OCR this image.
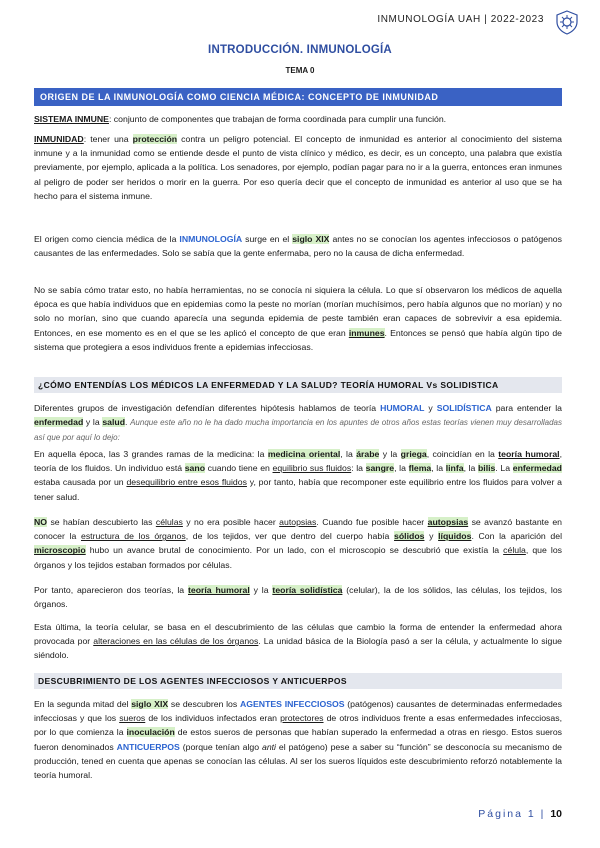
INMUNOLOGÍA UAH | 2022-2023
INTRODUCCIÓN. INMUNOLOGÍA
TEMA 0
ORIGEN DE LA INMUNOLOGÍA COMO CIENCIA MÉDICA: CONCEPTO DE INMUNIDAD
SISTEMA INMUNE: conjunto de componentes que trabajan de forma coordinada para cumplir una función.
INMUNIDAD: tener una protección contra un peligro potencial. El concepto de inmunidad es anterior al conocimiento del sistema inmune y a la inmunidad como se entiende desde el punto de vista clínico y médico, es decir, es un concepto, una palabra que existía previamente, por ejemplo, aplicada a la política. Los senadores, por ejemplo, podían pagar para no ir a la guerra, entonces eran inmunes al peligro de poder ser heridos o morir en la guerra. Por eso quería decir que el concepto de inmunidad es anterior al uso que se ha hecho para el sistema inmune.
El origen como ciencia médica de la INMUNOLOGÍA surge en el siglo XIX antes no se conocían los agentes infecciosos o patógenos causantes de las enfermedades. Solo se sabía que la gente enfermaba, pero no la causa de dicha enfermedad.
No se sabía cómo tratar esto, no había herramientas, no se conocía ni siquiera la célula. Lo que sí observaron los médicos de aquella época es que había individuos que en epidemias como la peste no morían (morían muchísimos, pero había algunos que no morían) y no solo no morían, sino que cuando aparecía una segunda epidemia de peste también eran capaces de sobrevivir a esa epidemia. Entonces, en ese momento es en el que se les aplicó el concepto de que eran inmunes. Entonces se pensó que había algún tipo de sistema que protegiera a esos individuos frente a epidemias infecciosas.
¿CÓMO ENTENDÍAS LOS MÉDICOS LA ENFERMEDAD Y LA SALUD? TEORÍA HUMORAL Vs SOLIDISTICA
Diferentes grupos de investigación defendían diferentes hipótesis hablamos de teoría HUMORAL y SOLIDÍSTICA para entender la enfermedad y la salud. Aunque este año no le ha dado mucha importancia en los apuntes de otros años estas teorías vienen muy desarrolladas así que por aquí lo dejo:
En aquella época, las 3 grandes ramas de la medicina: la medicina oriental, la árabe y la griega, coincidían en la teoría humoral, teoría de los fluidos. Un individuo está sano cuando tiene en equilibrio sus fluidos: la sangre, la flema, la linfa, la bilis. La enfermedad estaba causada por un desequilibrio entre esos fluidos y, por tanto, había que recomponer este equilibrio entre los fluidos para volver a tener salud.
NO se habían descubierto las células y no era posible hacer autopsias. Cuando fue posible hacer autopsias se avanzó bastante en conocer la estructura de los órganos, de los tejidos, ver que dentro del cuerpo había sólidos y líquidos. Con la aparición del microscopio hubo un avance brutal de conocimiento. Por un lado, con el microscopio se descubrió que existía la célula, que los órganos y los tejidos estaban formados por células.
Por tanto, aparecieron dos teorías, la teoría humoral y la teoría solidística (celular), la de los sólidos, las células, los tejidos, los órganos.
Esta última, la teoría celular, se basa en el descubrimiento de las células que cambio la forma de entender la enfermedad ahora provocada por alteraciones en las células de los órganos. La unidad básica de la Biología pasó a ser la célula, y actualmente lo sigue siéndolo.
DESCUBRIMIENTO DE LOS AGENTES INFECCIOSOS Y ANTICUERPOS
En la segunda mitad del siglo XIX se descubren los AGENTES INFECCIOSOS (patógenos) causantes de determinadas enfermedades infecciosas y que los sueros de los individuos infectados eran protectores de otros individuos frente a esas enfermedades infecciosas, por lo que comienza la inoculación de estos sueros de personas que habían superado la enfermedad a otras en riesgo. Estos sueros fueron denominados ANTICUERPOS (porque tenían algo anti el patógeno) pese a saber su “función” se desconocía su mecanismo de producción, tened en cuenta que apenas se conocían las células. Al ser los sueros líquidos este descubrimiento reforzó notablemente la teoría humoral.
Página 1 | 10
